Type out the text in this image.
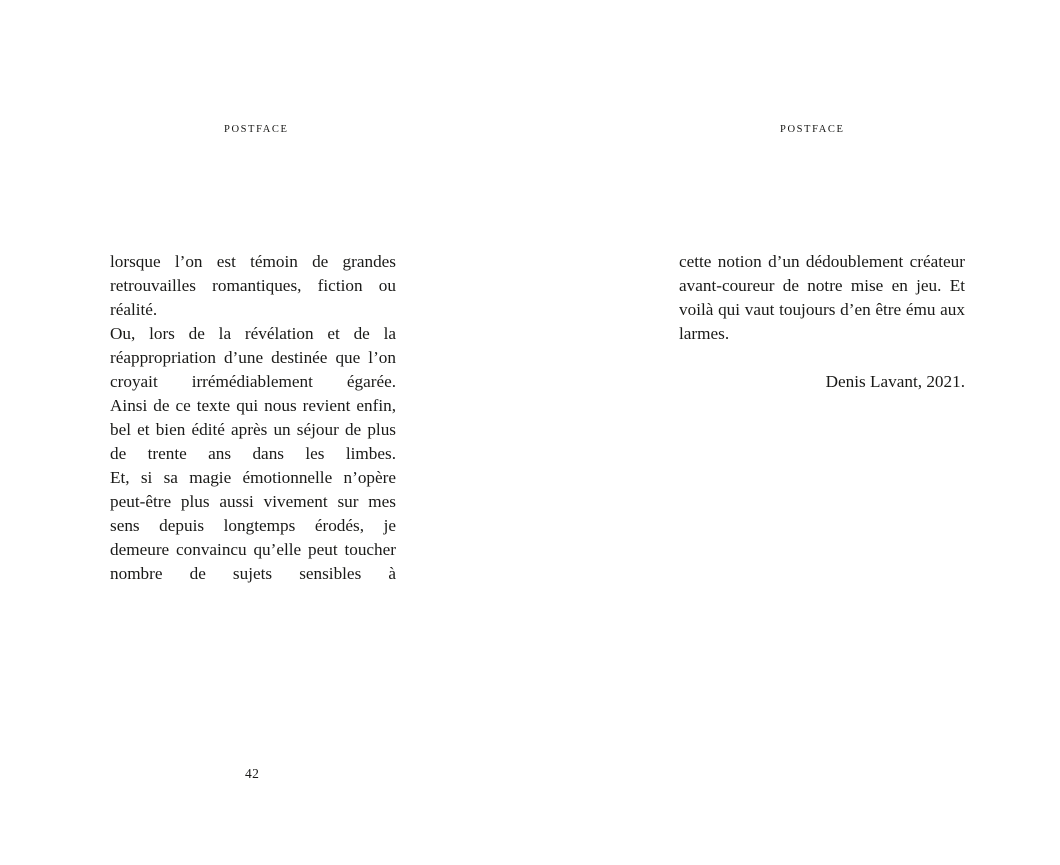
POSTFACE

lorsque l’on est témoin de grandes retrouvailles romantiques, fiction ou réalité.

Ou, lors de la révélation et de la réappropriation d’une destinée que l’on croyait irrémédiablement égarée.

Ainsi de ce texte qui nous revient enfin, bel et bien édité après un séjour de plus de trente ans dans les limbes.

Et, si sa magie émotionnelle n’opère peut-être plus aussi vivement sur mes sens depuis longtemps érodés, je demeure convaincu qu’elle peut toucher nombre de sujets sensibles à

42
POSTFACE

cette notion d’un dédoublement créateur avant-coureur de notre mise en jeu. Et voilà qui vaut toujours d’en être ému aux larmes.

Denis Lavant, 2021.
